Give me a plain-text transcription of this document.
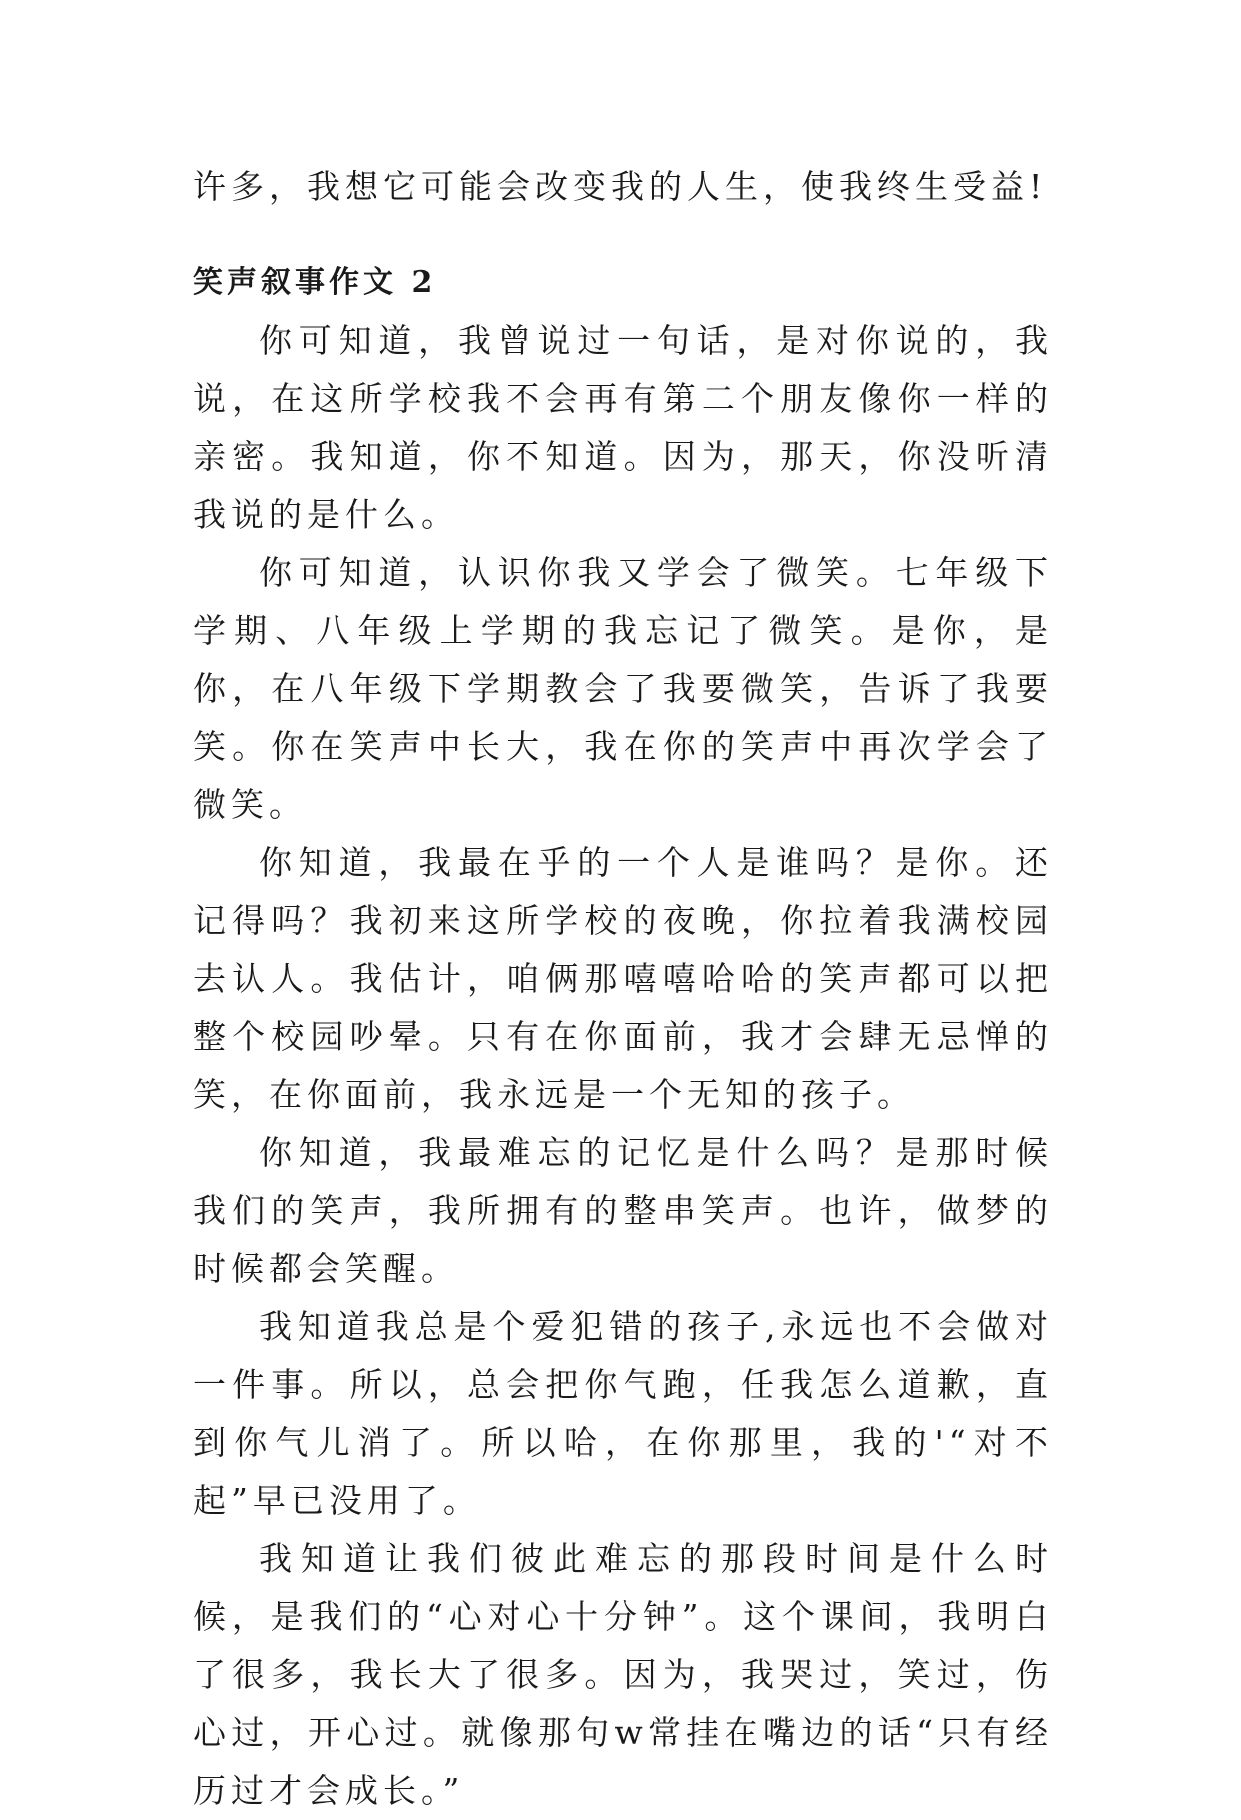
许多，我想它可能会改变我的人生，使我终生受益!

笑声叙事作文 2

你可知道，我曾说过一句话，是对你说的，我说，在这所学校我不会再有第二个朋友像你一样的亲密。我知道，你不知道。因为，那天，你没听清我说的是什么。

你可知道，认识你我又学会了微笑。七年级下学期、八年级上学期的我忘记了微笑。是你，是你，在八年级下学期教会了我要微笑，告诉了我要笑。你在笑声中长大，我在你的笑声中再次学会了微笑。

你知道，我最在乎的一个人是谁吗？是你。还记得吗？我初来这所学校的夜晚，你拉着我满校园去认人。我估计，咱俩那嘻嘻哈哈的笑声都可以把整个校园吵晕。只有在你面前，我才会肆无忌惮的笑，在你面前，我永远是一个无知的孩子。

你知道，我最难忘的记忆是什么吗？是那时候我们的笑声，我所拥有的整串笑声。也许，做梦的时候都会笑醒。

我知道我总是个爱犯错的孩子,永远也不会做对一件事。所以，总会把你气跑，任我怎么道歉，直到你气儿消了。所以哈，在你那里，我的'“对不起”早已没用了。

我知道让我们彼此难忘的那段时间是什么时候，是我们的“心对心十分钟”。这个课间，我明白了很多，我长大了很多。因为，我哭过，笑过，伤心过，开心过。就像那句w常挂在嘴边的话“只有经历过才会成长。”
